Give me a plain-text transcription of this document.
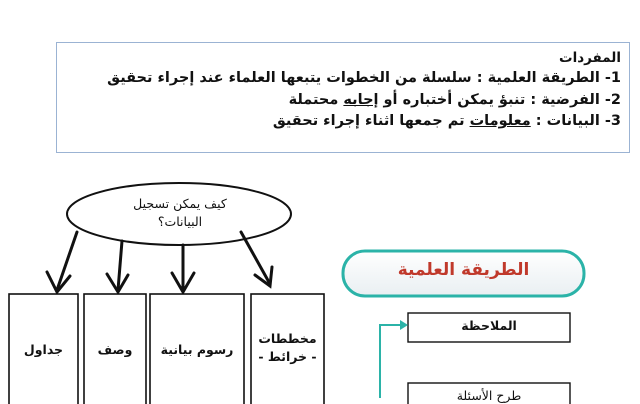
المفردات
1- الطريقة العلمية : سلسلة من الخطوات يتبعها العلماء عند إجراء تحقيق
2- الفرضية : تنبؤ يمكن أختباره أو إجابه محتملة
3- البيانات : معلومات تم جمعها اثناء إجراء تحقيق
كيف يمكن تسجيل البيانات؟
مخططات - خرائط -
رسوم بيانية
وصف
جداول
الطريقة العلمية
الملاحظة
طرح الأسئلة
